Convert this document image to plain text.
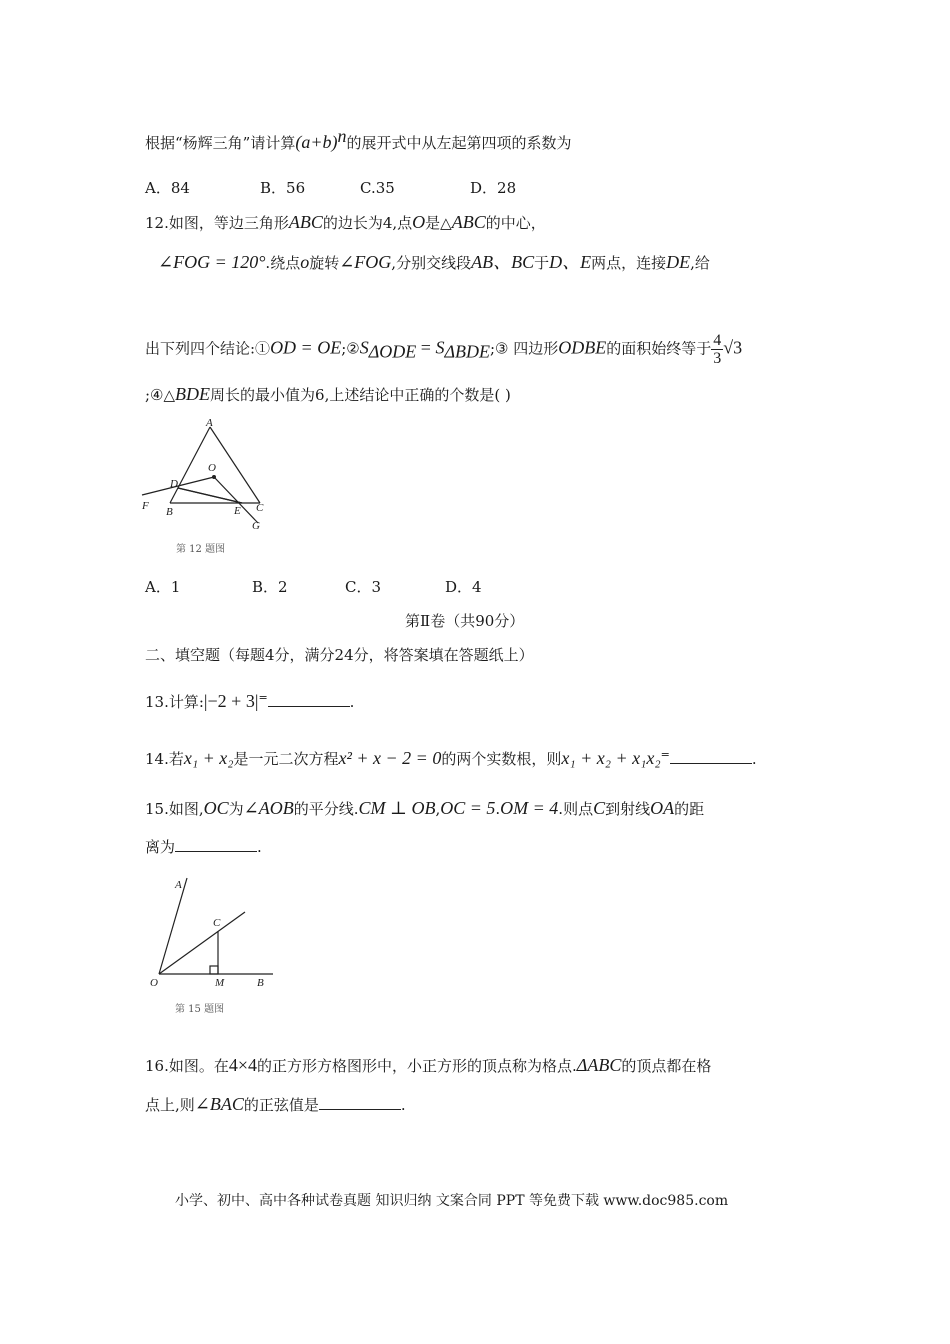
根据“杨辉三角”请计算$(a+b)^n$的展开式中从左起第四项的系数为
A．84	B．56	C.35	D．28
12.如图，等边三角形ABC的边长为4,点O是△ABC的中心，
∠FOG = 120°.绕点o旋转∠FOG,分别交线段AB、BC于D、E两点，连接DE,给
出下列四个结论:①OD = $OE;②S_{\Delta ODE}$ = $S_{\Delta BDE};③$ 四边形ODBE的面积始终等于 $\frac{4}{3} √3$
;④△BDE周长的最小值为6,上述结论中正确的个数是( )
A
O
D
F B	E C
G
第 12 题图
A．1	B．2	C．3	D．4
第Ⅱ卷（共90分）
二、填空题（每题4分，满分24分，将答案填在答题纸上）
13.计算:|−2 + 3|=	.
14.若x₁ + x₂是一元二次方程x² + x − 2 = 0的两个实数根，则x₁ + x₂ + x₁x₂=	.
15.如图,OC为∠AOB的平分线.CM ⊥ OB,OC = 5.OM = 4.则点C到射线OA的距
离为	.
A
C
O	M	B
第 15 题图
16.如图。在4×4的正方形方格图形中，小正方形的顶点称为格点.ΔABC的顶点都在格
点上,则∠BAC的正弦值是	.
小学、初中、高中各种试卷真题 知识归纳 文案合同 PPT 等免费下载 www.doc985.com
